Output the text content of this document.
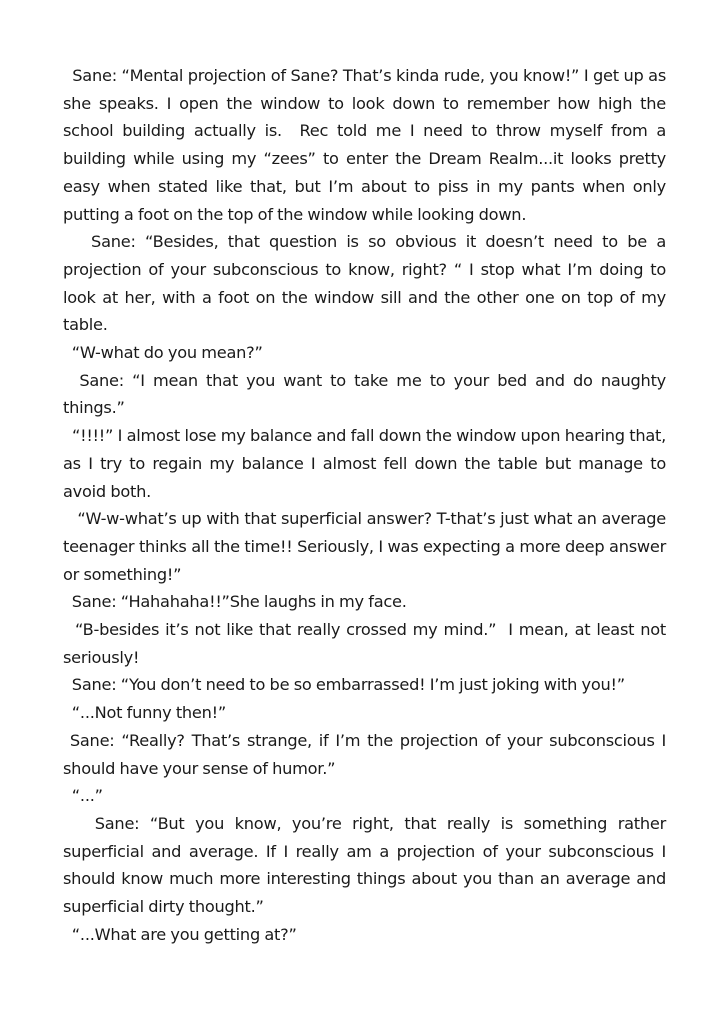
Sane: “Mental projection of Sane? That’s kinda rude, you know!” I get up as she speaks. I open the window to look down to remember how high the school building actually is.  Rec told me I need to throw myself from a building while using my “zees” to enter the Dream Realm...it looks pretty easy when stated like that, but I’m about to piss in my pants when only putting a foot on the top of the window while looking down.

Sane: “Besides, that question is so obvious it doesn’t need to be a projection of your subconscious to know, right? “ I stop what I’m doing to look at her, with a foot on the window sill and the other one on top of my table.

“W-what do you mean?”

Sane: “I mean that you want to take me to your bed and do naughty things.”

“!!!!” I almost lose my balance and fall down the window upon hearing that, as I try to regain my balance I almost fell down the table but manage to avoid both.

“W-w-what’s up with that superficial answer? T-that’s just what an average teenager thinks all the time!! Seriously, I was expecting a more deep answer or something!”

Sane: “Hahahaha!!”She laughs in my face.

“B-besides it’s not like that really crossed my mind.”  I mean, at least not seriously!

Sane: “You don’t need to be so embarrassed! I’m just joking with you!”

“...Not funny then!”

Sane: “Really? That’s strange, if I’m the projection of your subconscious I should have your sense of humor.”

“...”

Sane: “But you know, you’re right, that really is something rather superficial and average. If I really am a projection of your subconscious I should know much more interesting things about you than an average and superficial dirty thought.”

“...What are you getting at?”
